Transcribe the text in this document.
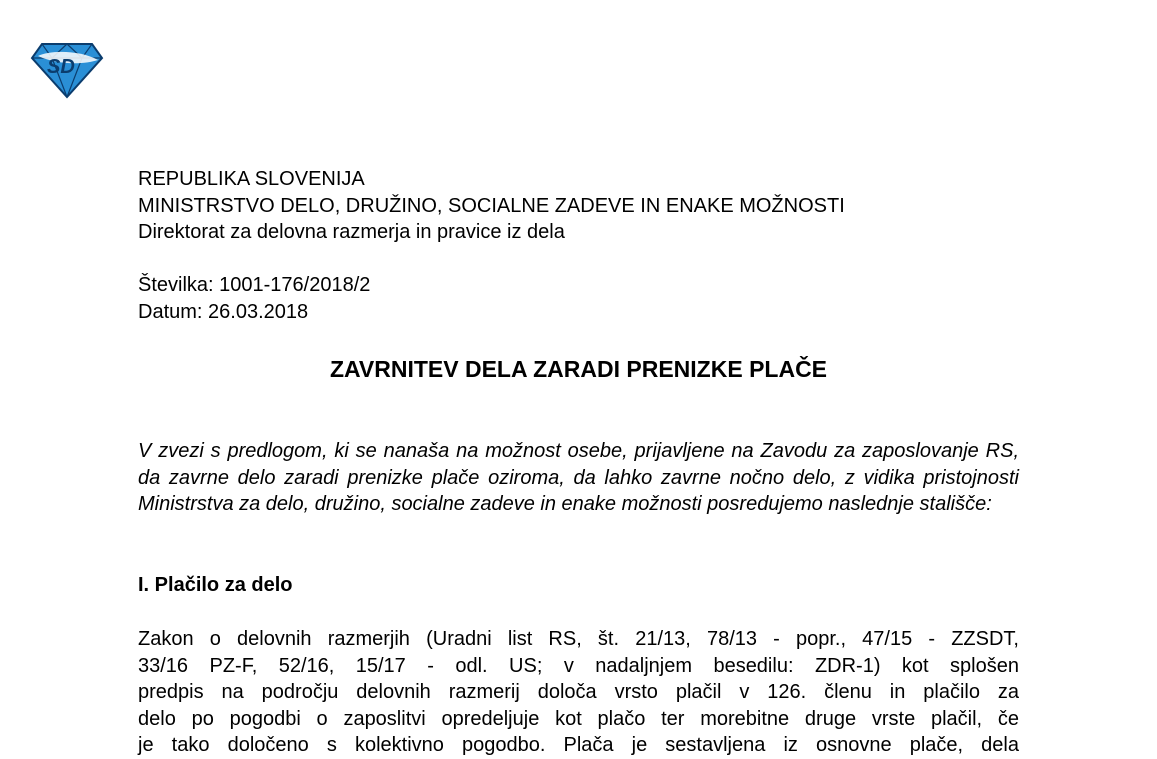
SD
REPUBLIKA SLOVENIJA
MINISTRSTVO DELO, DRUŽINO, SOCIALNE ZADEVE IN ENAKE MOŽNOSTI
Direktorat za delovna razmerja in pravice iz dela
Številka: 1001-176/2018/2
Datum: 26.03.2018
ZAVRNITEV DELA ZARADI PRENIZKE PLAČE

V zvezi s predlogom, ki se nanaša na možnost osebe, prijavljene na Zavodu za zaposlovanje RS, da zavrne delo zaradi prenizke plače oziroma, da lahko zavrne nočno delo, z vidika pristojnosti Ministrstva za delo, družino, socialne zadeve in enake možnosti posredujemo naslednje stališče:

I. Plačilo za delo
Zakon o delovnih razmerjih (Uradni list RS, št. 21/13, 78/13 - popr., 47/15 - ZZSDT,
33/16 PZ-F, 52/16, 15/17 - odl. US; v nadaljnjem besedilu: ZDR-1) kot splošen
predpis na področju delovnih razmerij določa vrsto plačil v 126. členu in plačilo za
delo po pogodbi o zaposlitvi opredeljuje kot plačo ter morebitne druge vrste plačil, če
je tako določeno s kolektivno pogodbo. Plača je sestavljena iz osnovne plače, dela
